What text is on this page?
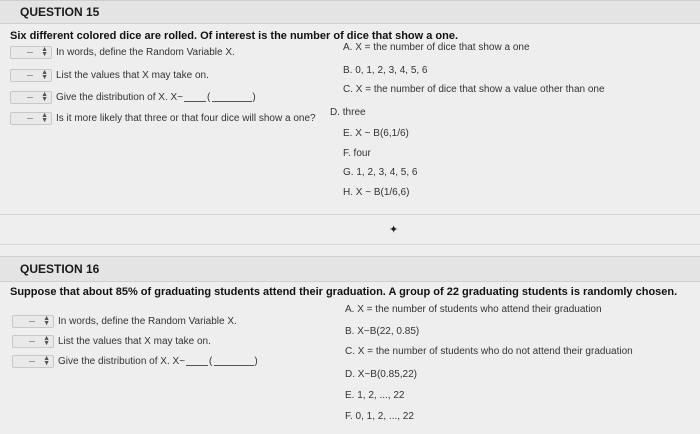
QUESTION 15
Six different colored dice are rolled. Of interest is the number of dice that show a one.
▲
▼ In words, define the Random Variable X.
▲
▼ List the values that X may take on.
▲
▼ Give the distribution of X. X~ (	)
▲
▼ Is it more likely that three or that four dice will show a one?
A. X = the number of dice that show a one
B. 0, 1, 2, 3, 4, 5, 6
C. X = the number of dice that show a value other than one
D. three
E. X ~ B(6,1/6)
F. four
G. 1, 2, 3, 4, 5, 6
H. X ~ B(1/6,6)
✦
QUESTION 16
Suppose that about 85% of graduating students attend their graduation. A group of 22 graduating students is randomly chosen.
▲
▼ In words, define the Random Variable X.
▲
▼ List the values that X may take on.
▲
▼ Give the distribution of X. X~ (	)
A. X = the number of students who attend their graduation
B. X~B(22, 0.85)
C. X = the number of students who do not attend their graduation
D. X~B(0.85,22)
E. 1, 2, ..., 22
F. 0, 1, 2, ..., 22
